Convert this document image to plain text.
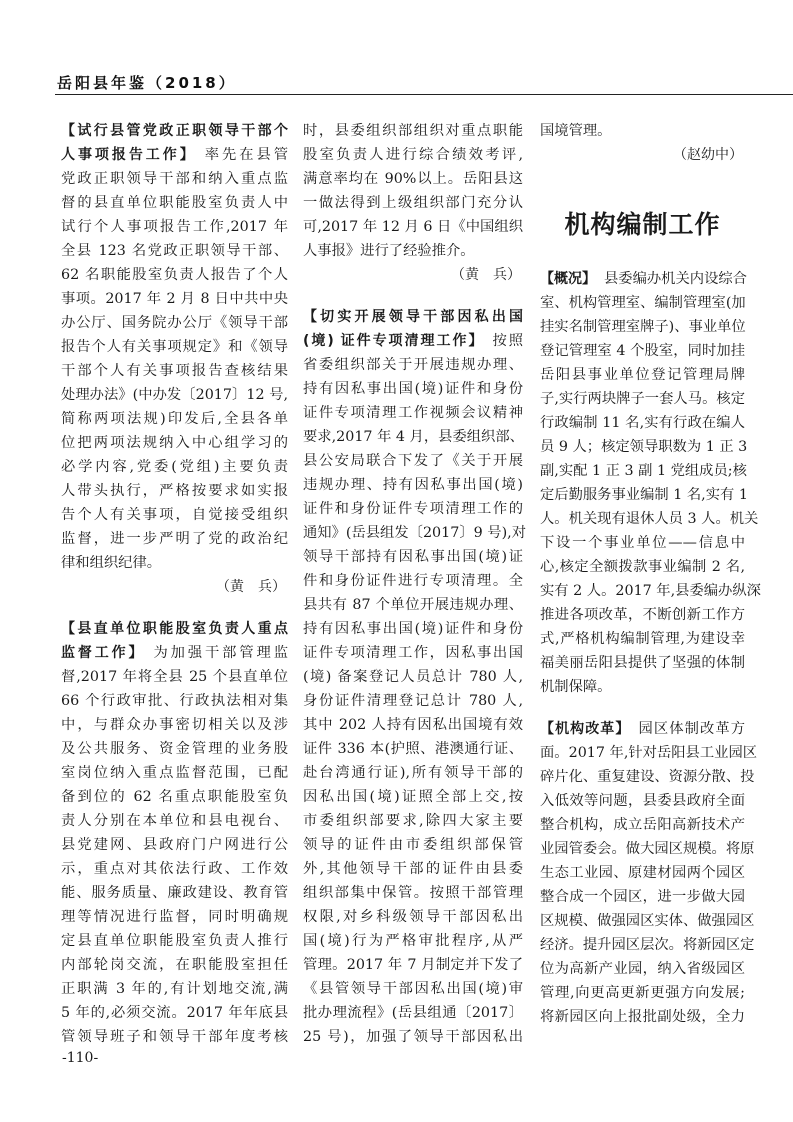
岳阳县年鉴（2018）
【试行县管党政正职领导干部个
人事项报告工作】 率先在县管
党政正职领导干部和纳入重点监
督的县直单位职能股室负责人中
试行个人事项报告工作,2017 年
全县 123 名党政正职领导干部、
62 名职能股室负责人报告了个人
事项。2017 年 2 月 8 日中共中央
办公厅、国务院办公厅《领导干部
报告个人有关事项规定》和《领导
干部个人有关事项报告查核结果
处理办法》(中办发〔2017〕12 号,
简称两项法规)印发后,全县各单
位把两项法规纳入中心组学习的
必学内容,党委(党组)主要负责
人带头执行，严格按要求如实报
告个人有关事项，自觉接受组织
监督，进一步严明了党的政治纪
律和组织纪律。
（黄　兵）
【县直单位职能股室负责人重点
监督工作】 为加强干部管理监
督,2017 年将全县 25 个县直单位
66 个行政审批、行政执法相对集
中，与群众办事密切相关以及涉
及公共服务、资金管理的业务股
室岗位纳入重点监督范围，已配
备到位的 62 名重点职能股室负
责人分别在本单位和县电视台、
县党建网、县政府门户网进行公
示，重点对其依法行政、工作效
能、服务质量、廉政建设、教育管
理等情况进行监督，同时明确规
定县直单位职能股室负责人推行
内部轮岗交流，在职能股室担任
正职满 3 年的,有计划地交流,满
5 年的,必须交流。2017 年年底县
管领导班子和领导干部年度考核
时，县委组织部组织对重点职能
股室负责人进行综合绩效考评,
满意率均在 90%以上。岳阳县这
一做法得到上级组织部门充分认
可,2017 年 12 月 6 日《中国组织
人事报》进行了经验推介。
（黄　兵）
【切实开展领导干部因私出国
(境) 证件专项清理工作】 按照
省委组织部关于开展违规办理、
持有因私事出国(境)证件和身份
证件专项清理工作视频会议精神
要求,2017 年 4 月，县委组织部、
县公安局联合下发了《关于开展
违规办理、持有因私事出国(境)
证件和身份证件专项清理工作的
通知》(岳县组发〔2017〕9 号),对
领导干部持有因私事出国(境)证
件和身份证件进行专项清理。全
县共有 87 个单位开展违规办理、
持有因私事出国(境)证件和身份
证件专项清理工作，因私事出国
(境) 备案登记人员总计 780 人,
身份证件清理登记总计 780 人,
其中 202 人持有因私出国境有效
证件 336 本(护照、港澳通行证、
赴台湾通行证),所有领导干部的
因私出国(境)证照全部上交,按
市委组织部要求,除四大家主要
领导的证件由市委组织部保管
外,其他领导干部的证件由县委
组织部集中保管。按照干部管理
权限,对乡科级领导干部因私出
国(境)行为严格审批程序,从严
管理。2017 年 7 月制定并下发了
《县管领导干部因私出国(境)审
批办理流程》(岳县组通〔2017〕
25 号)，加强了领导干部因私出
国境管理。
（赵幼中）
机构编制工作
【概况】 县委编办机关内设综合
室、机构管理室、编制管理室(加
挂实名制管理室牌子)、事业单位
登记管理室 4 个股室，同时加挂
岳阳县事业单位登记管理局牌
子,实行两块牌子一套人马。核定
行政编制 11 名,实有行政在编人
员 9 人；核定领导职数为 1 正 3
副,实配 1 正 3 副 1 党组成员;核
定后勤服务事业编制 1 名,实有 1
人。机关现有退休人员 3 人。机关
下设一个事业单位——信息中
心,核定全额拨款事业编制 2 名,
实有 2 人。2017 年,县委编办纵深
推进各项改革，不断创新工作方
式,严格机构编制管理,为建设幸
福美丽岳阳县提供了坚强的体制
机制保障。
【机构改革】 园区体制改革方
面。2017 年,针对岳阳县工业园区
碎片化、重复建设、资源分散、投
入低效等问题，县委县政府全面
整合机构，成立岳阳高新技术产
业园管委会。做大园区规模。将原
生态工业园、原建材园两个园区
整合成一个园区，进一步做大园
区规模、做强园区实体、做强园区
经济。提升园区层次。将新园区定
位为高新产业园，纳入省级园区
管理,向更高更新更强方向发展;
将新园区向上报批副处级，全力
-110-
